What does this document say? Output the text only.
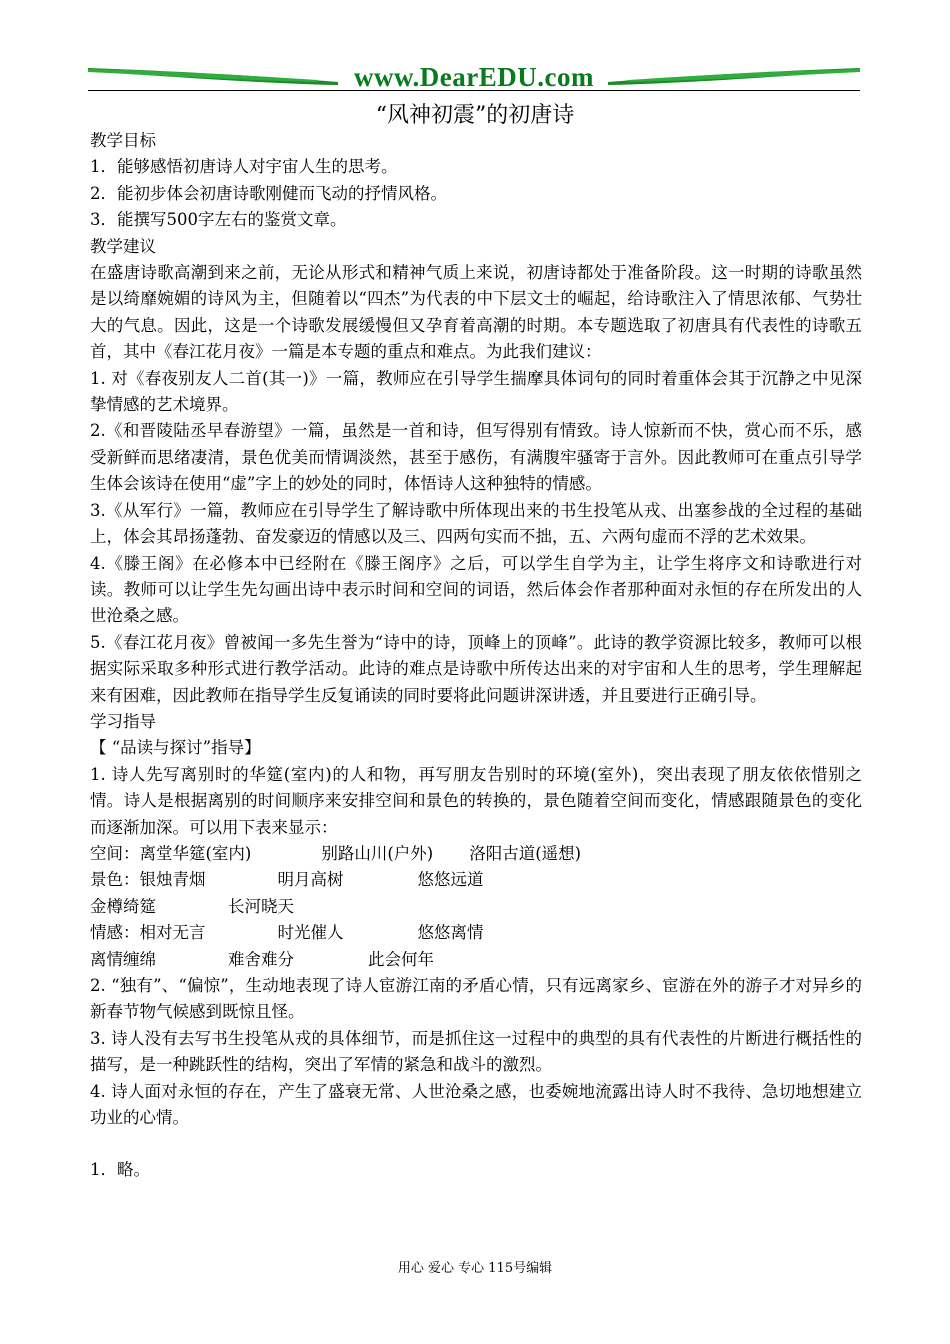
www.DearEDU.com
“风神初震”的初唐诗

教学目标

1．能够感悟初唐诗人对宇宙人生的思考。

2．能初步体会初唐诗歌刚健而飞动的抒情风格。

3．能撰写500字左右的鉴赏文章。

教学建议

在盛唐诗歌高潮到来之前，无论从形式和精神气质上来说，初唐诗都处于准备阶段。这一时期的诗歌虽然是以绮靡婉媚的诗风为主，但随着以“四杰”为代表的中下层文士的崛起，给诗歌注入了情思浓郁、气势壮大的气息。因此，这是一个诗歌发展缓慢但又孕育着高潮的时期。本专题选取了初唐具有代表性的诗歌五首，其中《春江花月夜》一篇是本专题的重点和难点。为此我们建议：

1. 对《春夜别友人二首(其一)》一篇，教师应在引导学生揣摩具体词句的同时着重体会其于沉静之中见深挚情感的艺术境界。

2.《和晋陵陆丞早春游望》一篇，虽然是一首和诗，但写得别有情致。诗人惊新而不快，赏心而不乐，感受新鲜而思绪凄清，景色优美而情调淡然，甚至于感伤，有满腹牢骚寄于言外。因此教师可在重点引导学生体会该诗在使用“虚”字上的妙处的同时，体悟诗人这种独特的情感。

3.《从军行》一篇，教师应在引导学生了解诗歌中所体现出来的书生投笔从戎、出塞参战的全过程的基础上，体会其昂扬蓬勃、奋发豪迈的情感以及三、四两句实而不拙，五、六两句虚而不浮的艺术效果。

4.《滕王阁》在必修本中已经附在《滕王阁序》之后，可以学生自学为主，让学生将序文和诗歌进行对读。教师可以让学生先勾画出诗中表示时间和空间的词语，然后体会作者那种面对永恒的存在所发出的人世沧桑之感。

5.《春江花月夜》曾被闻一多先生誉为“诗中的诗，顶峰上的顶峰”。此诗的教学资源比较多，教师可以根据实际采取多种形式进行教学活动。此诗的难点是诗歌中所传达出来的对宇宙和人生的思考，学生理解起来有困难，因此教师在指导学生反复诵读的同时要将此问题讲深讲透，并且要进行正确引导。

学习指导

【 “品读与探讨”指导】

1. 诗人先写离别时的华筵(室内)的人和物，再写朋友告别时的环境(室外)，突出表现了朋友依依惜别之情。诗人是根据离别的时间顺序来安排空间和景色的转换的，景色随着空间而变化，情感跟随景色的变化而逐渐加深。可以用下表来显示：

空间：离堂华筵(室内)	别路山川(户外) 洛阳古道(遥想)

景色：银烛青烟	明月高树	悠悠远道

金樽绮筵	长河晓天

情感：相对无言	时光催人	悠悠离情

离情缠绵	难舍难分	此会何年

2. “独有”、“偏惊”，生动地表现了诗人宦游江南的矛盾心情，只有远离家乡、宦游在外的游子才对异乡的新春节物气候感到既惊且怪。

3. 诗人没有去写书生投笔从戎的具体细节，而是抓住这一过程中的典型的具有代表性的片断进行概括性的描写，是一种跳跃性的结构，突出了军情的紧急和战斗的激烈。

4. 诗人面对永恒的存在，产生了盛衰无常、人世沧桑之感，也委婉地流露出诗人时不我待、急切地想建立功业的心情。

1．略。

用心 爱心 专心 115号编辑
